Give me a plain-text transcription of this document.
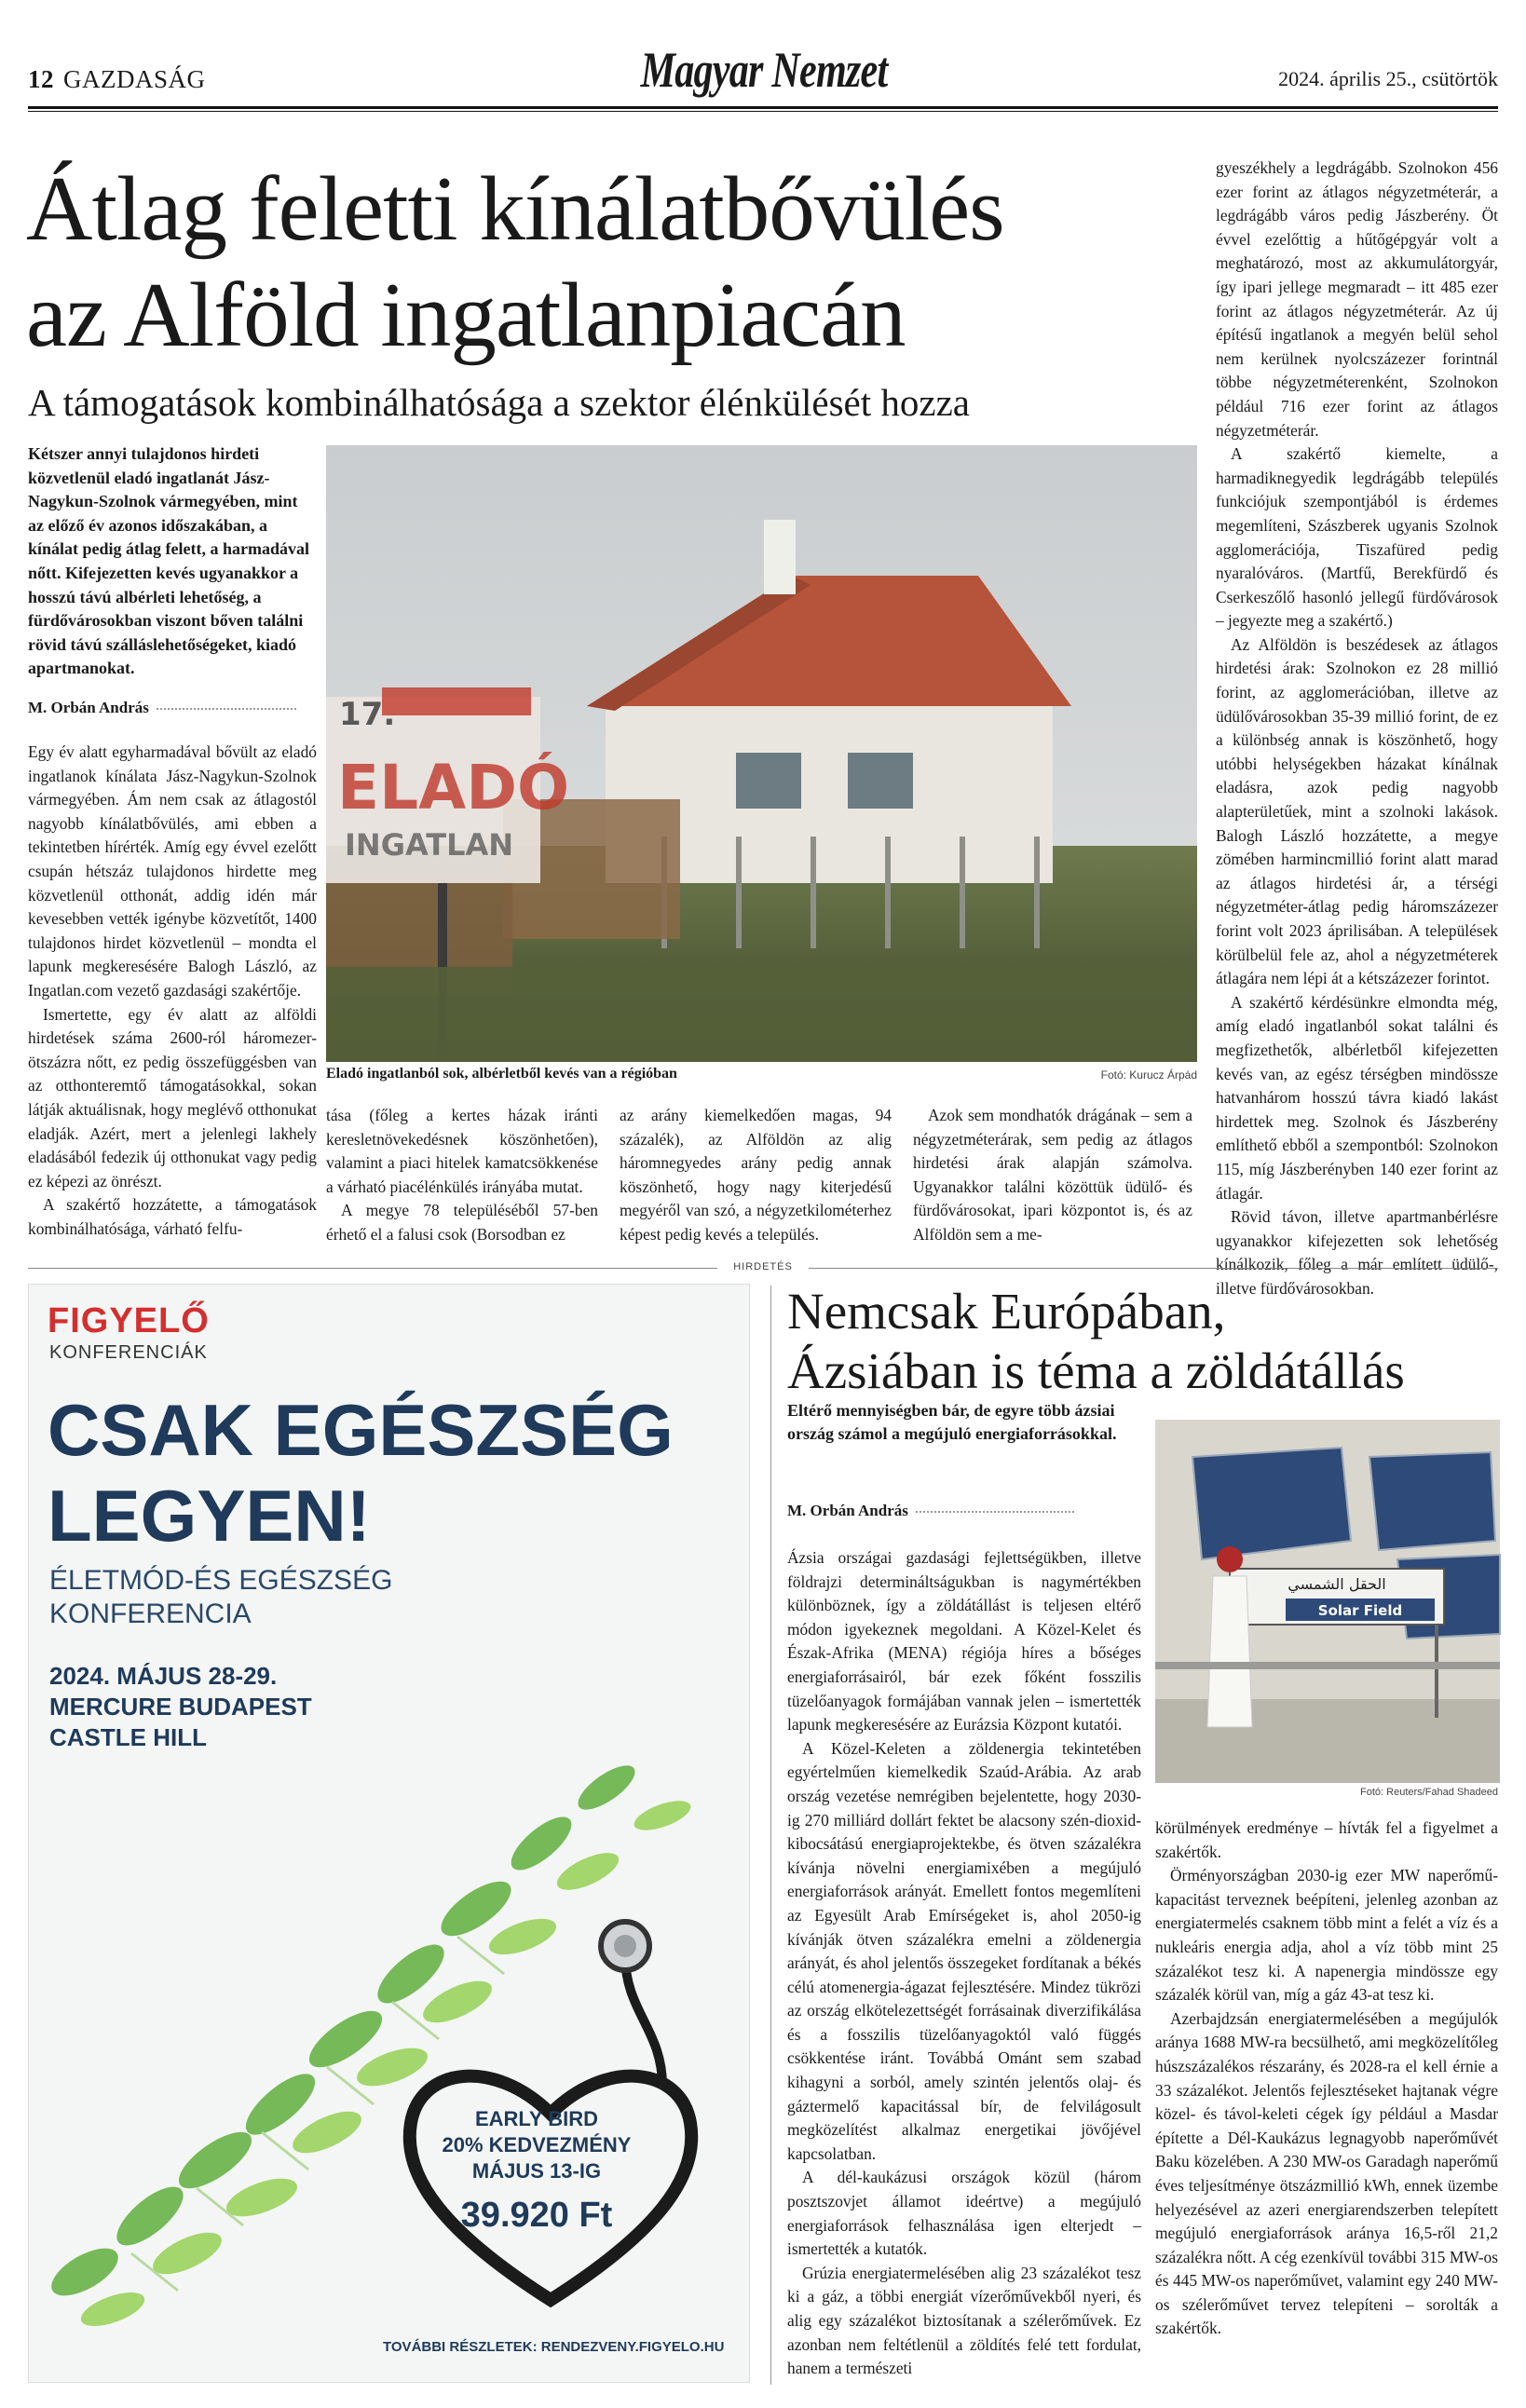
12 GAZDASÁG	Magyar Nemzet	2024. április 25., csütörtök
Átlag feletti kínálatbővülés
az Alföld ingatlanpiacán
A támogatások kombinálhatósága a szektor élénkülését hozza
Kétszer annyi tulajdonos hirdeti közvetlenül eladó ingatlanát Jász-Nagykun-Szolnok vármegyében, mint az előző év azonos időszakában, a kínálat pedig átlag felett, a harmadával nőtt. Kifejezetten kevés ugyanakkor a hosszú távú albérleti lehetőség, a fürdővárosokban viszont bőven találni rövid távú szálláslehetőségeket, kiadó apartmanokat.
M. Orbán András

Egy év alatt egyharmadával bővült az eladó ingatlanok kínálata Jász-Nagykun-Szolnok vármegyében. Ám nem csak az átlagostól nagyobb kínálatbővülés, ami ebben a tekintetben hírérték. Amíg egy évvel ezelőtt csupán hétszáz tulajdonos hirdette meg közvetlenül otthonát, addig idén már kevesebben vették igénybe közvetítőt, 1400 tulajdonos hirdet közvetlenül – mondta el lapunk megkeresésére Balogh László, az Ingatlan.com vezető gazdasági szakértője.

Ismertette, egy év alatt az alföldi hirdetések száma 2600-ról háromezer-ötszázra nőtt, ez pedig összefüggésben van az otthonteremtő támogatásokkal, sokan látják aktuálisnak, hogy meglévő otthonukat eladják. Azért, mert a jelenlegi lakhely eladásából fedezik új otthonukat vagy pedig ez képezi az önrészt.

A szakértő hozzátette, a támogatások kombinálhatósága, várható felfu-

17.
ELADÓ
INGATLAN
Eladó ingatlanból sok, albérletből kevés van a régióban	Fotó: Kurucz Árpád

tása (főleg a kertes házak iránti keresletnövekedésnek köszönhetően), valamint a piaci hitelek kamatcsökkenése a várható piacélénkülés irányába mutat.

A megye 78 településéből 57-ben érhető el a falusi csok (Borsodban ez

az arány kiemelkedően magas, 94 százalék), az Alföldön az alig háromnegyedes arány pedig annak köszönhető, hogy nagy kiterjedésű megyéről van szó, a négyzetkilométerhez képest pedig kevés a település.

Azok sem mondhatók drágának – sem a négyzetméterárak, sem pedig az átlagos hirdetési árak alapján számolva. Ugyanakkor találni közöttük üdülő- és fürdővárosokat, ipari központot is, és az Alföldön sem a me-

gyeszékhely a legdrágább. Szolnokon 456 ezer forint az átlagos négyzetméterár, a legdrágább város pedig Jászberény. Öt évvel ezelőttig a hűtőgépgyár volt a meghatározó, most az akkumulátorgyár, így ipari jellege megmaradt – itt 485 ezer forint az átlagos négyzetméterár. Az új építésű ingatlanok a megyén belül sehol nem kerülnek nyolcszázezer forintnál többe négyzetméterenként, Szolnokon például 716 ezer forint az átlagos négyzetméterár.

A szakértő kiemelte, a harmadiknegyedik legdrágább település funkciójuk szempontjából is érdemes megemlíteni, Szászberek ugyanis Szolnok agglomerációja, Tiszafüred pedig nyaralóváros. (Martfű, Berekfürdő és Cserkeszőlő hasonló jellegű fürdővárosok – jegyezte meg a szakértő.)

Az Alföldön is beszédesek az átlagos hirdetési árak: Szolnokon ez 28 millió forint, az agglomerációban, illetve az üdülővárosokban 35-39 millió forint, de ez a különbség annak is köszönhető, hogy utóbbi helységekben házakat kínálnak eladásra, azok pedig nagyobb alapterületűek, mint a szolnoki lakások. Balogh László hozzátette, a megye zömében harmincmillió forint alatt marad az átlagos hirdetési ár, a térségi négyzetméter-átlag pedig háromszázezer forint volt 2023 áprilisában. A települések körülbelül fele az, ahol a négyzetméterek átlagára nem lépi át a kétszázezer forintot.

A szakértő kérdésünkre elmondta még, amíg eladó ingatlanból sokat találni és megfizethetők, albérletből kifejezetten kevés van, az egész térségben mindössze hatvanhárom hosszú távra kiadó lakást hirdettek meg. Szolnok és Jászberény említhető ebből a szempontból: Szolnokon 115, míg Jászberényben 140 ezer forint az átlagár.

Rövid távon, illetve apartmanbérlésre ugyanakkor kifejezetten sok lehetőség kínálkozik, főleg a már említett üdülő-, illetve fürdővárosokban.

HIRDETÉS
FIGYELŐ
KONFERENCIÁK
CSAK EGÉSZSÉG
LEGYEN!
ÉLETMÓD-ÉS EGÉSZSÉG
KONFERENCIA
2024. MÁJUS 28-29.
MERCURE BUDAPEST
CASTLE HILL
EARLY BIRD
20% KEDVEZMÉNY
MÁJUS 13-IG
39.920 Ft
TOVÁBBI RÉSZLETEK: RENDEZVENY.FIGYELO.HU
Nemcsak Európában,
Ázsiában is téma a zöldátállás
Eltérő mennyiségben bár, de egyre több ázsiai ország számol a megújuló energiaforrásokkal.
M. Orbán András

Ázsia országai gazdasági fejlettségükben, illetve földrajzi determináltságukban is nagymértékben különböznek, így a zöldátállást is teljesen eltérő módon igyekeznek megoldani. A Közel-Kelet és Észak-Afrika (MENA) régiója híres a bőséges energiaforrásairól, bár ezek főként fosszilis tüzelőanyagok formájában vannak jelen – ismertették lapunk megkeresésére az Eurázsia Központ kutatói.

A Közel-Keleten a zöldenergia tekintetében egyértelműen kiemelkedik Szaúd-Arábia. Az arab ország vezetése nemrégiben bejelentette, hogy 2030-ig 270 milliárd dollárt fektet be alacsony szén-dioxid-kibocsátású energiaprojektekbe, és ötven százalékra kívánja növelni energiamixében a megújuló energiaforrások arányát. Emellett fontos megemlíteni az Egyesült Arab Emírségeket is, ahol 2050-ig kívánják ötven százalékra emelni a zöldenergia arányát, és ahol jelentős összegeket fordítanak a békés célú atomenergia-ágazat fejlesztésére. Mindez tükrözi az ország elkötelezettségét forrásainak diverzifikálása és a fosszilis tüzelőanyagoktól való függés csökkentése iránt. Továbbá Ománt sem szabad kihagyni a sorból, amely szintén jelentős olaj- és gáztermelő kapacitással bír, de felvilágosult megközelítést alkalmaz energetikai jövőjével kapcsolatban.

A dél-kaukázusi országok közül (három posztszovjet államot ideértve) a megújuló energiaforrások felhasználása igen elterjedt – ismertették a kutatók.

Grúzia energiatermelésében alig 23 százalékot tesz ki a gáz, a többi energiát vízerőművekből nyeri, és alig egy százalékot biztosítanak a szélerőművek. Ez azonban nem feltétlenül a zöldítés felé tett fordulat, hanem a természeti

الحقل الشمسي
Solar Field
Fotó: Reuters/Fahad Shadeed

körülmények eredménye – hívták fel a figyelmet a szakértők.

Örményországban 2030-ig ezer MW naperőmű-kapacitást terveznek beépíteni, jelenleg azonban az energiatermelés csaknem több mint a felét a víz és a nukleáris energia adja, ahol a víz több mint 25 százalékot tesz ki. A napenergia mindössze egy százalék körül van, míg a gáz 43-at tesz ki.

Azerbajdzsán energiatermelésében a megújulók aránya 1688 MW-ra becsülhető, ami megközelítőleg húszszázalékos részarány, és 2028-ra el kell érnie a 33 százalékot. Jelentős fejlesztéseket hajtanak végre közel- és távol-keleti cégek így például a Masdar építette a Dél-Kaukázus legnagyobb naperőművét Baku közelében. A 230 MW-os Garadagh naperőmű éves teljesítménye ötszázmillió kWh, ennek üzembe helyezésével az azeri energiarendszerben telepített megújuló energiaforrások aránya 16,5-ről 21,2 százalékra nőtt. A cég ezenkívül további 315 MW-os és 445 MW-os naperőművet, valamint egy 240 MW-os szélerőművet tervez telepíteni – sorolták a szakértők.
